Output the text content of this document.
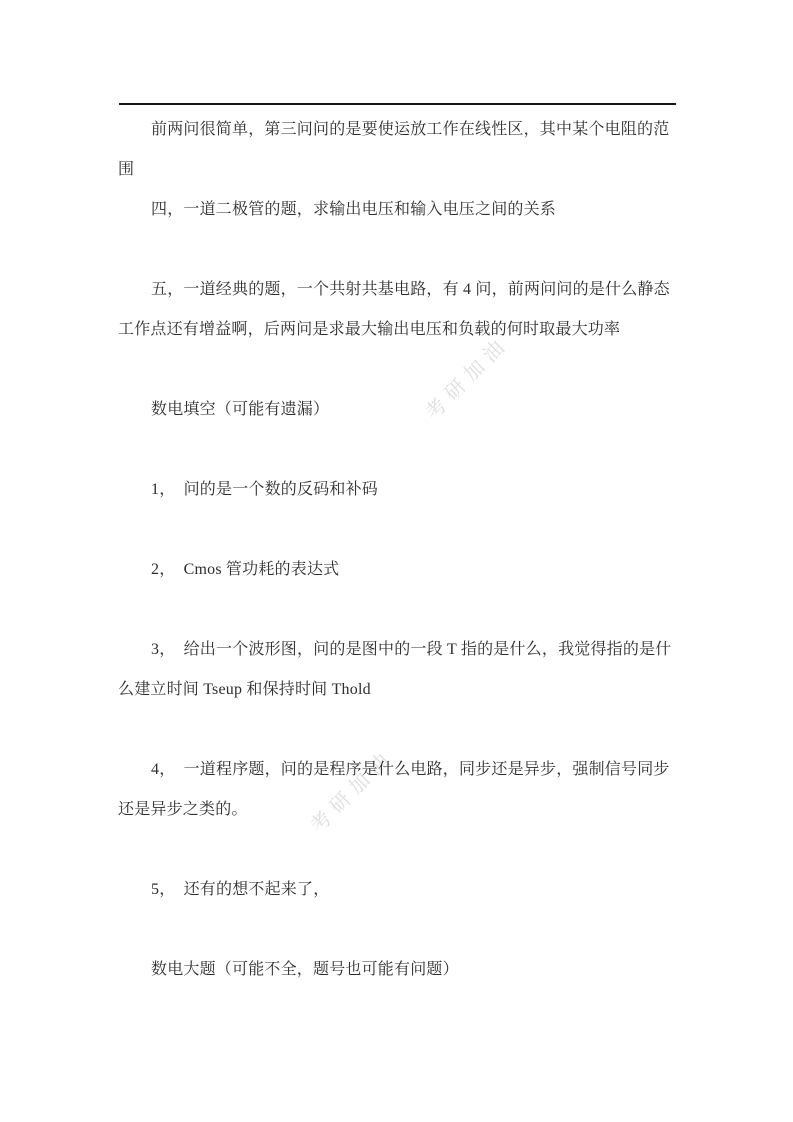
考研加油
考研加油

前两问很简单，第三问问的是要使运放工作在线性区，其中某个电阻的范围

四，一道二极管的题，求输出电压和输入电压之间的关系

五，一道经典的题，一个共射共基电路，有 4 问，前两问问的是什么静态工作点还有增益啊，后两问是求最大输出电压和负载的何时取最大功率

数电填空（可能有遗漏）

1，　问的是一个数的反码和补码

2，　Cmos 管功耗的表达式

3，　给出一个波形图，问的是图中的一段 T 指的是什么，我觉得指的是什么建立时间 Tseup 和保持时间 Thold

4，　一道程序题，问的是程序是什么电路，同步还是异步，强制信号同步还是异步之类的。

5，　还有的想不起来了，

数电大题（可能不全，题号也可能有问题）
